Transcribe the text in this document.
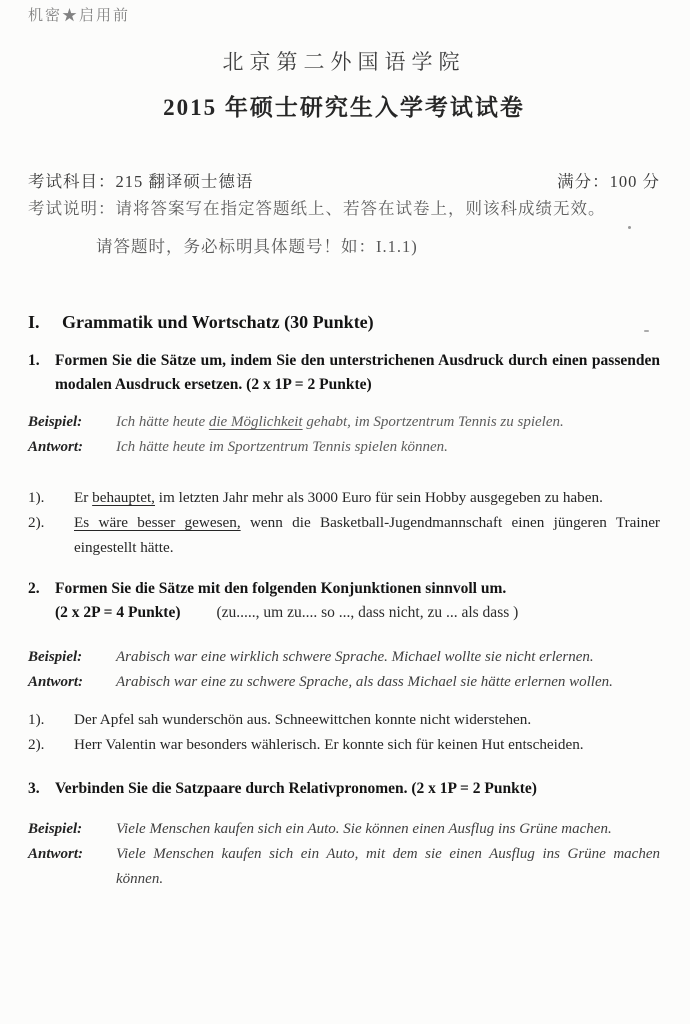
机密★启用前
北京第二外国语学院
2015 年硕士研究生入学考试试卷
考试科目：215 翻译硕士德语	满分：100 分
考试说明：请将答案写在指定答题纸上、若答在试卷上，则该科成绩无效。
请答题时，务必标明具体题号！如：I.1.1)
I.	Grammatik und Wortschatz (30 Punkte)
1. Formen Sie die Sätze um, indem Sie den unterstrichenen Ausdruck durch einen passenden modalen Ausdruck ersetzen. (2 x 1P = 2 Punkte)
Beispiel:	Ich hätte heute die Möglichkeit gehabt, im Sportzentrum Tennis zu spielen.
Antwort:	Ich hätte heute im Sportzentrum Tennis spielen können.
1).	Er behauptet, im letzten Jahr mehr als 3000 Euro für sein Hobby ausgegeben zu haben.
2).	Es wäre besser gewesen, wenn die Basketball-Jugendmannschaft einen jüngeren Trainer eingestellt hätte.
2. Formen Sie die Sätze mit den folgenden Konjunktionen sinnvoll um.
(2 x 2P = 4 Punkte) (zu....., um zu.... so ..., dass nicht, zu ... als dass )
Beispiel:	Arabisch war eine wirklich schwere Sprache. Michael wollte sie nicht erlernen.
Antwort:	Arabisch war eine zu schwere Sprache, als dass Michael sie hätte erlernen wollen.
1).	Der Apfel sah wunderschön aus. Schneewittchen konnte nicht widerstehen.
2).	Herr Valentin war besonders wählerisch. Er konnte sich für keinen Hut entscheiden.
3. Verbinden Sie die Satzpaare durch Relativpronomen. (2 x 1P = 2 Punkte)
Beispiel:	Viele Menschen kaufen sich ein Auto. Sie können einen Ausflug ins Grüne machen.
Antwort:	Viele Menschen kaufen sich ein Auto, mit dem sie einen Ausflug ins Grüne machen können.
